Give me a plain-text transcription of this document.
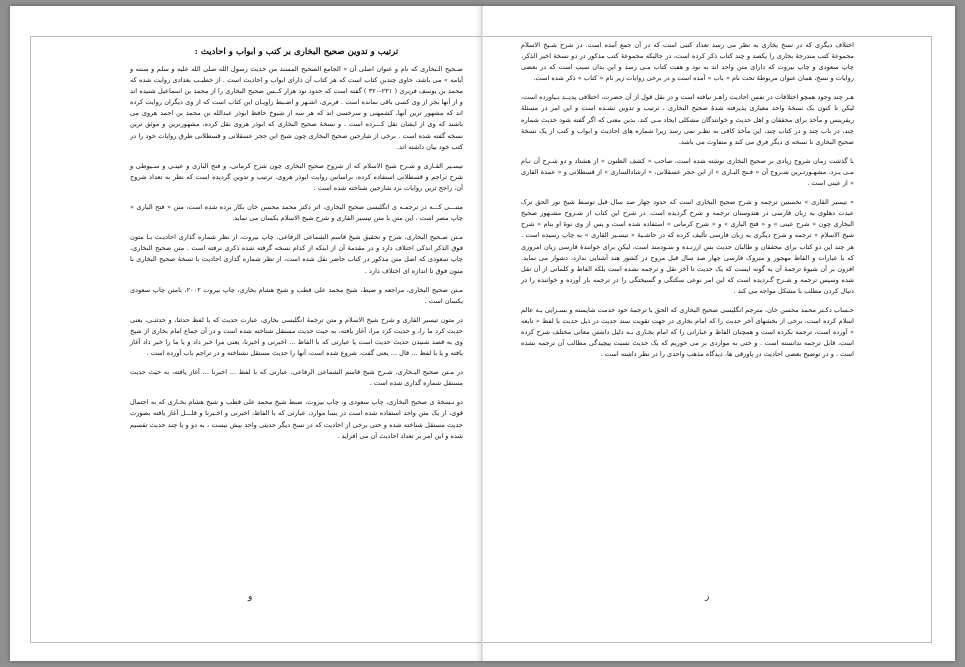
ترتیب و تدوین صحیح البخاری بر کتب و ابواب و احادیث :

صـحيح الـبخاری که نام و عنوان اصلی آن « الجامع الصحيح المسند من حديث رسول الله صلى الله عليه و سلم و سننه و أيامه » می باشد، حاوی چندين کتاب است که هر کتاب آن دارای ابواب و احاديث است . از خطيـب بغدادی روايت شده که محمد بن يوسف فربری ( ۲۳۱-۳۲۰ ) گفته است که حدود نود هزار کــس صحيح البخاری را از محمد بن اسماعيل شنيده اند و از آنها بجز از وی کسی باقی نمانده است . فربری، اشـهر و اضـبط راويـان اين کتاب است که از وی ديگران روايت کرده اند که مشهور ترين آنها، کشمهنی و سرخسی اند که هر سه از شيوخ حافظ ابوذر عبدالله بن محمد بن احمد هروی می باشند که وی از ايشان نقل کـــرده است . و نسخهٔ صحيح البخاری که ابوذر هروی نقل کرده، مشهورترين و موثق ترين نسخه گفته شده است . برخی از شارحين صحيح البخاری چون شيخ ابن حجر عسقلانی و قسطلانی طرق روايات خود را در کتب خود بيان داشته اند.

تيسـير القـاری و شـرح شيخ الاسلام که از شروح صحيح البخاری چون شرح کرمانی، و فتح الباری و عينـی و سـيوطی و شرح تراجم و قسطلانی استفاده کرده، براساس روايت ابوذر هروی، ترتيب و تدوين گرديده است که نظر به تعداد شروح آن، راجح ترين روايات نزد شارحين شناخته شده است .

متنـــی کـــه در ترجمـه ی انگليسی صحيح البخاری، اثر دکتر محمد محسن خان بکار برده شده است، متن « فتح الباری » چاپ مصر است . اين متن با متن تيسير القاری و شرح شيخ الاسلام يکسان می نمايد.

مـتن صـحيح البخاری، شرح و تحقيق شيخ قاسم الشماعی الرفاعی، چاپ بيروت، از نظر شماره گذاری احاديـث بـا متون فوق الذکر اندکی اختلاف دارد و در مقدمهٔ آن از اينکه از کدام نسخه گرفته شده ذکری نرفته است . متن صحيح البخاری، چاپ سعودی که اصل متن مذکور در کتاب حاضر نقل شده است، از نظر شماره گذاری احاديث با نسخهٔ صحيح البخاری با متون فوق تا اندازه ای اختلاف دارد .

مـتن صحيح البخاری، مراجعه و ضبط، شيخ محمد علی قطب و شيخ هشام بخاری، چاپ بيروت ۲۰۰۲، بامتن چاپ سعودی يکسان است .

در متون تيسير القاری و شرح شيخ الاسلام و متن ترجمهٔ انگليسی بخاری، عبارت حديث که با لفظ حدثنا، و حدثنـی، يعنی حديث کرد ما را، و حديث کرد مرا، آغاز يافته، به حيث حديث مستقل شناخته شده است و در آن جماع امام بخاری از شيخ وی به قصد شنيدن حديث حديث است يا عبارتی که با الفاظ ... اخبرنی و اخبرنا، يعنی مرا خبر داد و يا ما را خبر داد آغاز يافته و يا با لفظ ... قال ... يعنی گفت، شروع شده است، آنها را حديث مستقل نشناخته و در تراجم باب آورده است .

در مـتن صحيح البـخاری، شـرح شيخ قاسم الشماعی الرفاعی، عبارتی که با لفظ ... اخبرنا ... آغاز يافته، به حيث حديث مستقل شماره گذاری شده است .

دو نـسخهٔ ی صحيح البخاری، چاپ سعودی و، چاپ بيروت، ضبط شيخ محمد علی قطب و شيخ هشام بخـاری که به احتمال قوی، از يک متن واحد استفاده شده است در بسا موارد، عبارتی که با الفاظ، اخبرنی و اخـبرنا و قلـــل آغاز يافته بصورت حديث مستقل شناخته شده و حتی برخی از احاديث که در نسخ ديگر حديثی واحد بيش نيست ، به دو و يا چند حديث تقسيم شده و اين امر بر تعداد احاديث آن می افزايد .

و

اختلاف ديگری که در نسخ بخاری به نظر می رسد تعداد کتبی است که در آن جمع آمده است. در شرح شـيخ الاسلام مجموعهٔ کتب مندرجهٔ بخاری را يکصد و چند کتاب ذکر کرده است، در حاليکه مجموعهٔ کتب مذکور در دو نسخهٔ اخير الذکر، چاپ سعودی و چاپ بيروت که دارای متن واحد اند به نود و هفت کتاب مـی رسد و اين بدان سبب است که در بعضی روايات و نسخ، همان عنوان مربوطهٔ تحت نام « باب » آمده است و در برخی روايات زير نام « کتاب » ذکر شده است.

هـر چند وجود همچو اختلافات در نفس احاديث راهـز نيافته است و در نقل قول از آن حضرت، اختلافی پديــد نـياورده است، ليکن تا کنون يک نسخهٔ واحد معياری پذيرفته شدهٔ صحيح البخاری ، ترتيب و تدوين نشـده است و اين امر در مسئلهٔ ريفرينس و مآخذ برای محققان و اهل حديث و خوانندگان مشکلی ايجاد مـی کند. بدين معنی که اگر گفته شود حديث شماره چند، در باب چند و در کتاب چند، اين مآخذ کافی به نظـر نمی رسد زيرا شماره های احاديث و ابواب و کتب از يک نسخهٔ صحيح البخاری تا نسخه ی ديگر فرق می کند و متفاوت می باشد.

با گذشت زمان شروح زيادی بر صحيح البخاری نوشته شده است. صاحب « کشف الظنون » از هشتاد و دو شـرح آن نـام مـی بـرد. مشهـورتـرين شـروح آن « فـتح البـاری » از ابن حجر عسقلانی، « ارشادالساری » از قسطلانی و « عمدة القاری » از عينی است .

« تيسير القاری » نخستين ترجمه و شرح صحيح البخاری است که حدود چهار صد سال قبل توسط شيخ نور الحق ترک عبدت دهلوی به زبان فارسی در هندوستان ترجمه و شرح گرديده است. در شرح اين کتاب از شـروح مشـهور صحيح البخاری چون « شرح عينی » و « فتح الباری » و « شرح کرمانی » استفاده شده است و پس از وی نوهٔ او بنام « شرح شيخ الاسلام » ترجمه و شرح ديگری به زبان فارسی تأليف کرده که در حاشـيهٔ « تيسـير القاری » به چاپ رسيده است . هر چند اين دو کتاب برای محققان و طالبان حديث بس ارزنـده و سـودمند است، ليکن برای خوانندهٔ فارسی زبان امروزی که با عبارات و الفاظ مهجور و متروک فارسی چهار صد سال قبل مروج در کشور هند آشنايی ندارد، دشوار می نمايد. افزون بر آن شيوهٔ ترجمهٔ آن به گونه ايست که يک حديث تا آخر نقل و ترجمه نشده است بلکه الفاظ و کلماتی از آن نقل شده وسپس ترجمه و شـرح گـرديده است که اين امر نوعی سکتگی و گسيختگی را در ترجمه بار آورده و خواننده را در دنبال کردن مطلب با مشکل مواجه می کند .

حـساب دکـتر محمد محسن خان، مترجم انگليسی صحيح البخاری که الحق با ترجمهٔ خود خدمت شايسته و بسـزايی بـه عالم اسلام کرده است، برخی از بخشهای آخر حديث را که امام بخاری در جهت تقويت سند حديث در ذيل حديث با لفظ « تابعه » آورده است، ترجمه نکرده است و همچنان الفاظ و عباراتی را که امام بخـاری بـه دليل داشتن معانی مختلف شرح کرده است، قابل ترجمه ندانسته است . و حتی به مواردی بر می خوريم که يک حديث نسبت پيچيدگی مطالب آن ترجمه نشده است . و در توضيح بعضی احاديث در پاورقی ها، ديدگاه مذهب واحدی را در نظر داشته است .

ز
